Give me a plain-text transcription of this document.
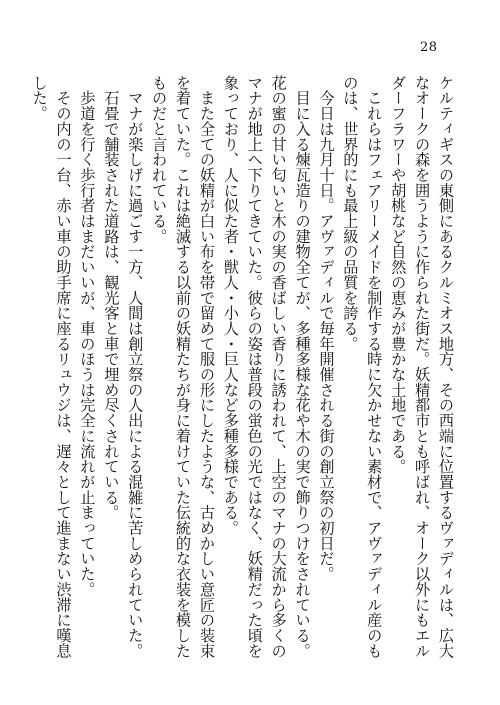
28

ケルティギスの東側にあるクルミオス地方、その西端に位置するヴァディルは、広大なオークの森を囲うように作られた街だ。妖精都市とも呼ばれ、オーク以外にもエルダーフラワーや胡桃など自然の恵みが豊かな土地である。

　これらはフェアリーメイドを制作する時に欠かせない素材で、アヴァディル産のものは、世界的にも最上級の品質を誇る。

　今日は九月十日。アヴァディルで毎年開催される街の創立祭の初日だ。

　目に入る煉瓦造りの建物全てが、多種多様な花や木の実で飾りつけをされている。花の蜜の甘い匂いと木の実の香ばしい香りに誘われて、上空のマナの大流から多くのマナが地上へ下りてきていた。彼らの姿は普段の蛍色の光ではなく、妖精だった頃を象っており、人に似た者・獣人・小人・巨人など多種多様である。

　また全ての妖精が白い布を帯で留めて服の形にしたような、古めかしい意匠の装束を着ていた。これは絶滅する以前の妖精たちが身に着けていた伝統的な衣装を模したものだと言われている。

　マナが楽しげに過ごす一方、人間は創立祭の人出による混雑に苦しめられていた。

　石畳で舗装された道路は、観光客と車で埋め尽くされている。

　歩道を行く歩行者はまだいいが、車のほうは完全に流れが止まっていた。

　その内の一台、赤い車の助手席に座るリュウジは、遅々として進まない渋滞に嘆息した。
